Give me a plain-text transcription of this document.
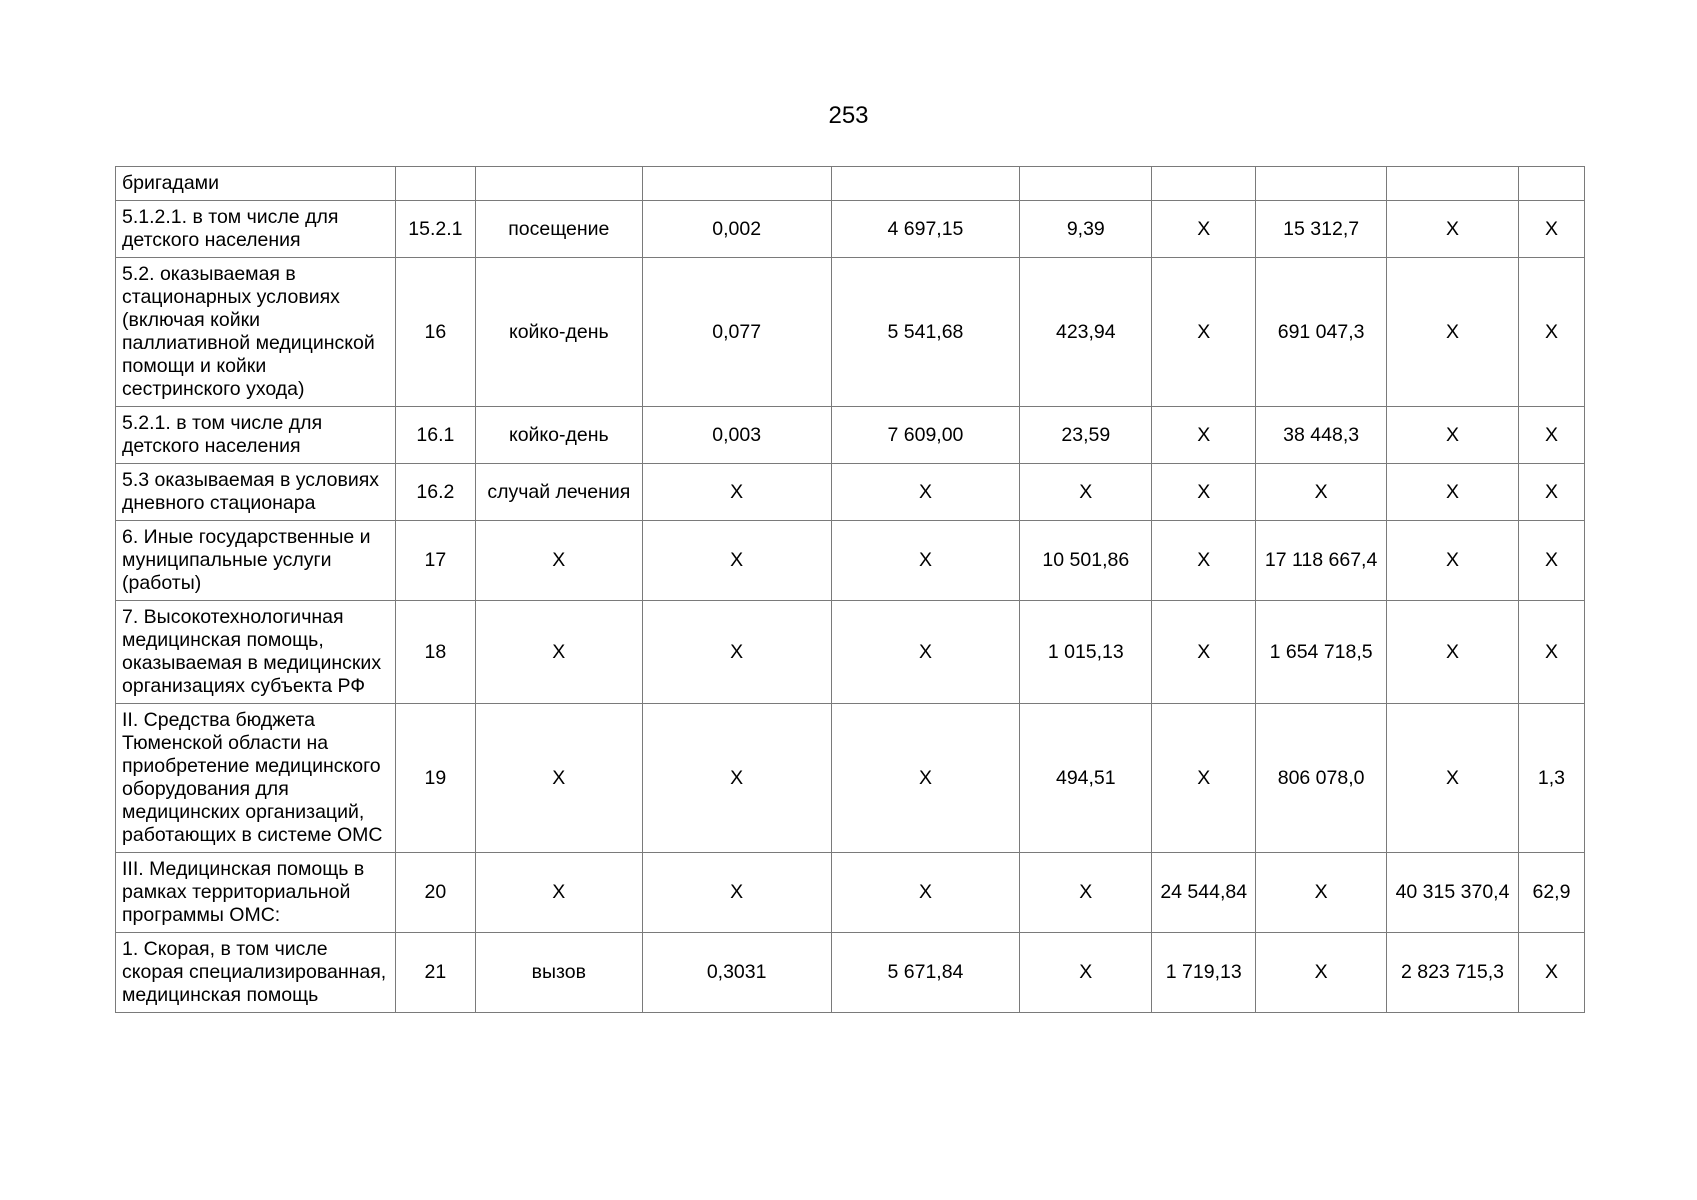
253
бригадами									
5.1.2.1. в том числе для детского населения	15.2.1	посещение	0,002	4 697,15	9,39	X	15 312,7	X	X
5.2. оказываемая в стационарных условиях (включая койки паллиативной медицинской помощи и койки сестринского ухода)	16	койко-день	0,077	5 541,68	423,94	X	691 047,3	X	X
5.2.1. в том числе для детского населения	16.1	койко-день	0,003	7 609,00	23,59	X	38 448,3	X	X
5.3 оказываемая в условиях дневного стационара	16.2	случай лечения	X	X	X	X	X	X	X
6. Иные государственные и муниципальные услуги (работы)	17	X	X	X	10 501,86	X	17 118 667,4	X	X
7. Высокотехнологичная медицинская помощь, оказываемая в медицинских организациях субъекта РФ	18	X	X	X	1 015,13	X	1 654 718,5	X	X
II. Средства бюджета Тюменской области на приобретение медицинского оборудования для медицинских организаций, работающих в системе ОМС	19	X	X	X	494,51	X	806 078,0	X	1,3
III. Медицинская помощь в рамках территориальной программы ОМС:	20	X	X	X	X	24 544,84	X	40 315 370,4	62,9
1. Скорая, в том числе скорая специализированная, медицинская помощь	21	вызов	0,3031	5 671,84	X	1 719,13	X	2 823 715,3	X
